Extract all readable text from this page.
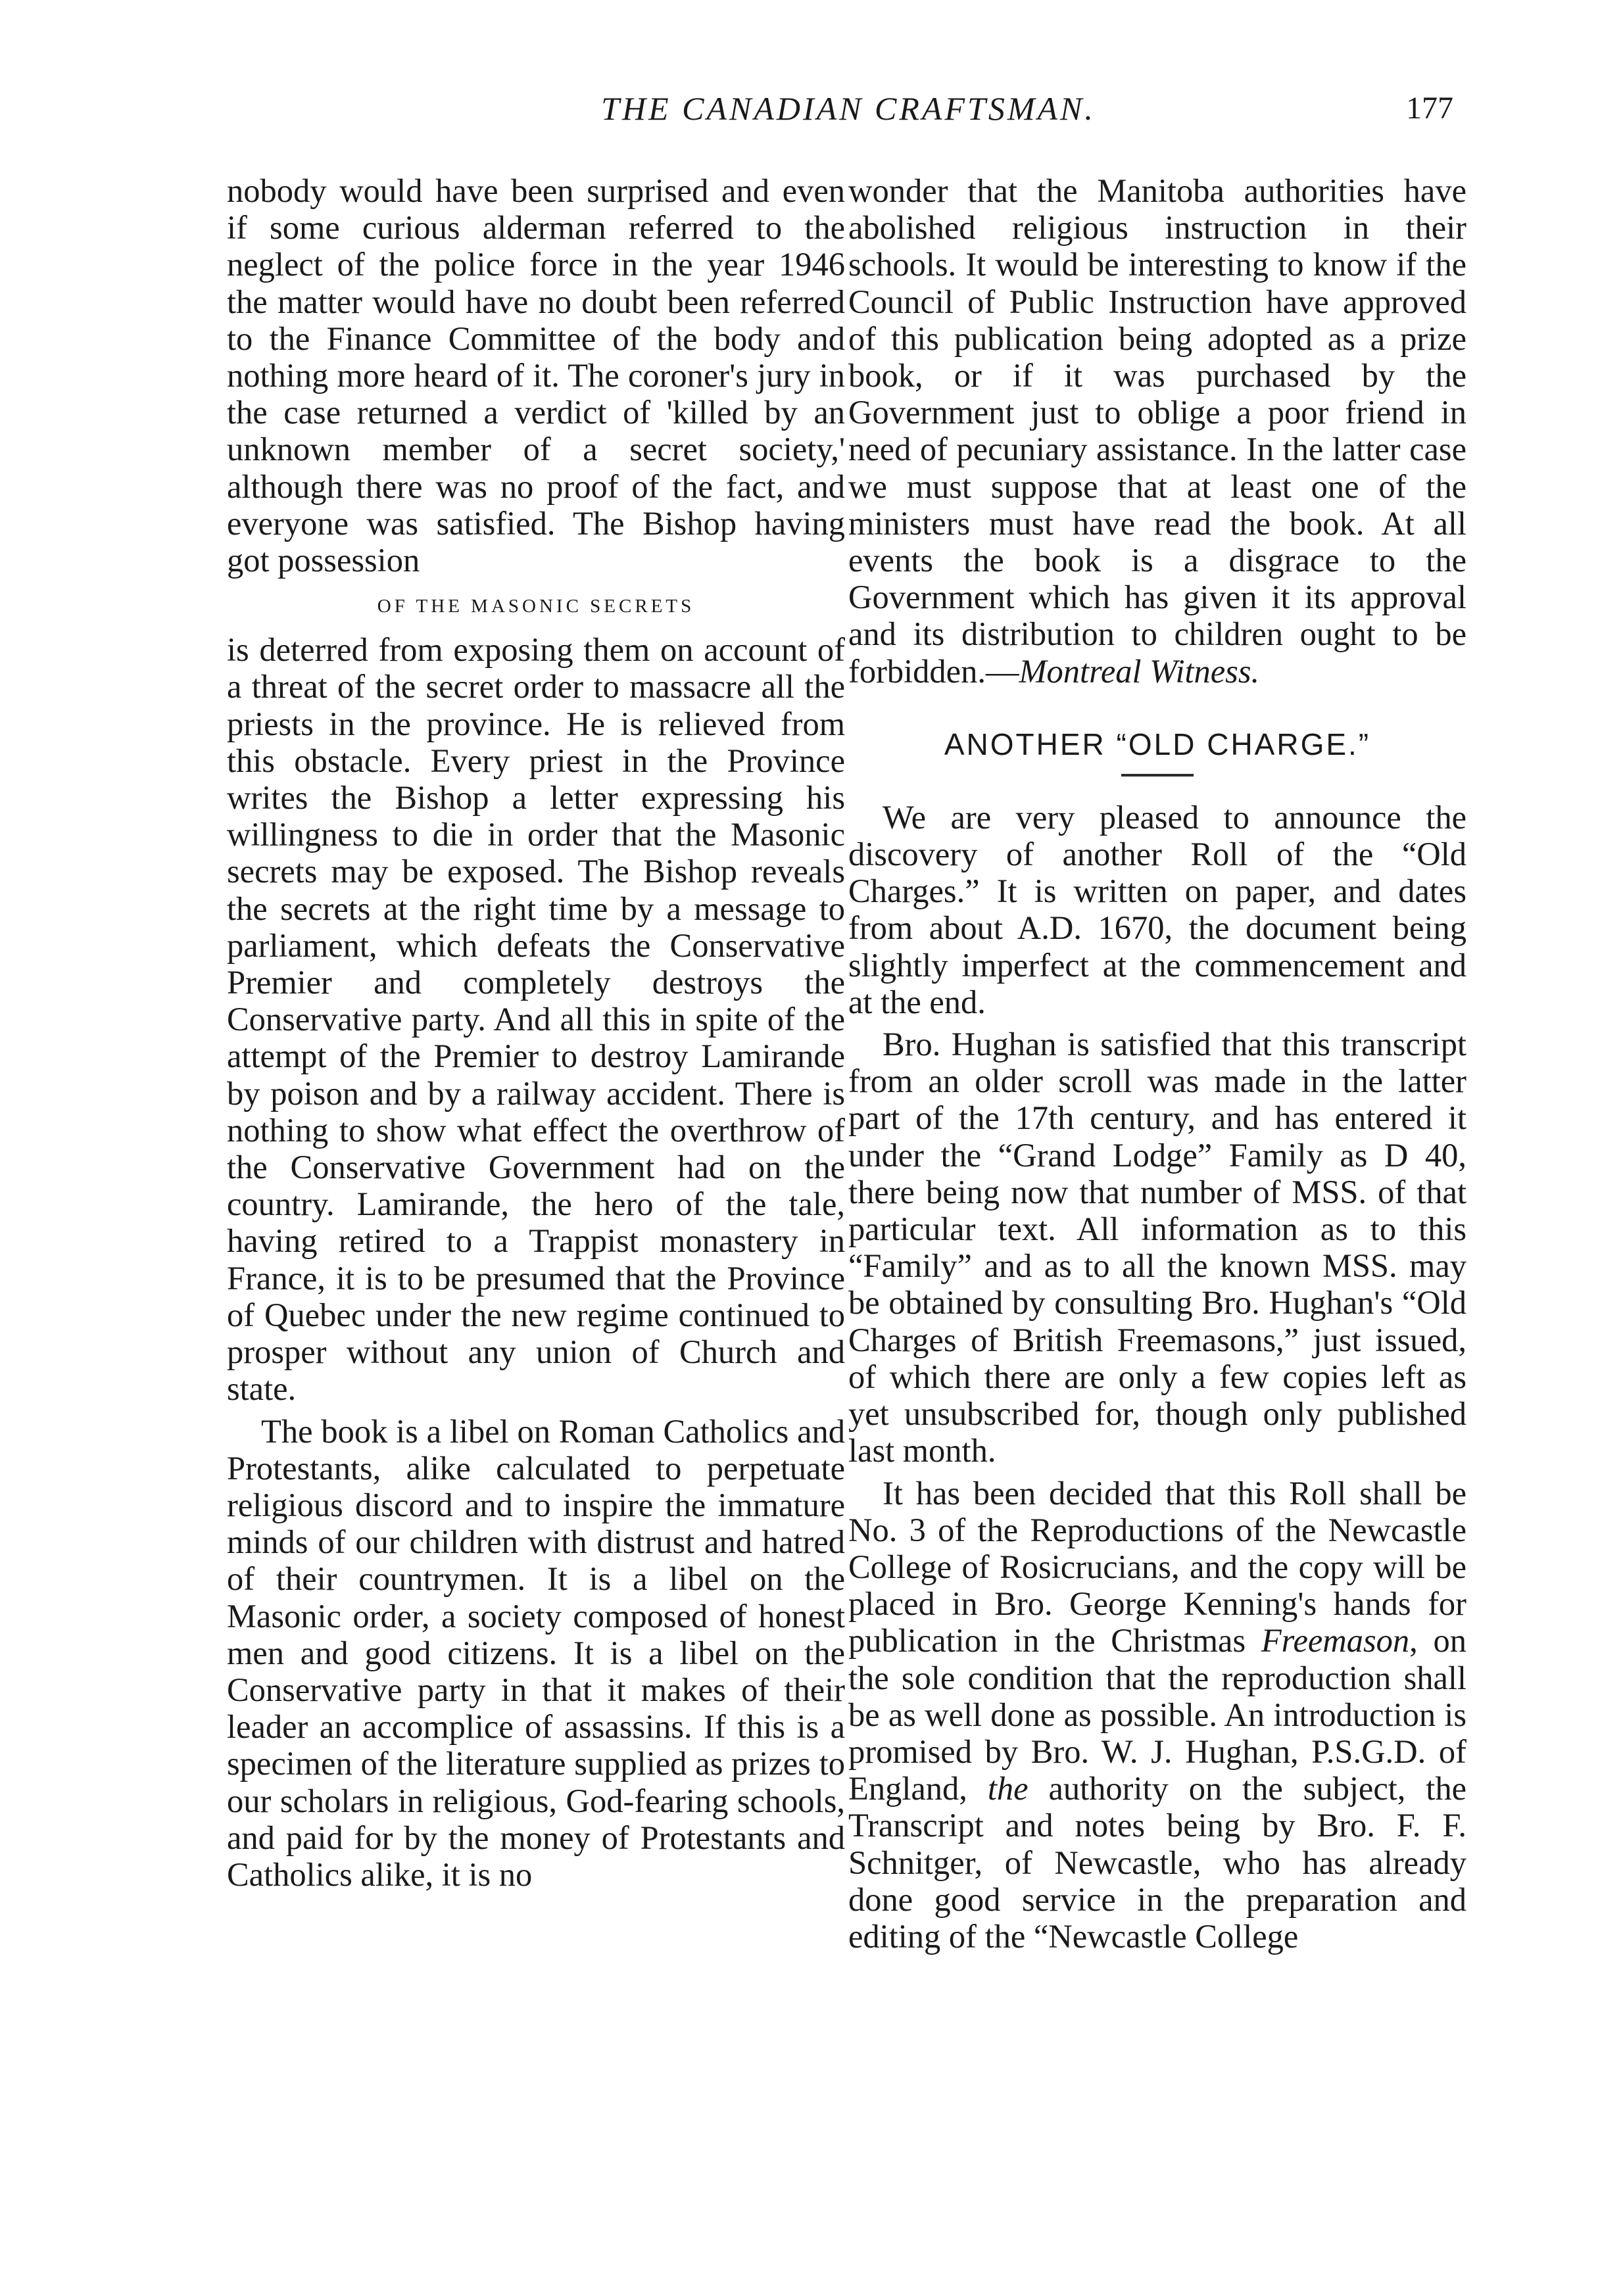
THE CANADIAN CRAFTSMAN.	177

nobody would have been surprised and even if some curious alderman referred to the neglect of the police force in the year 1946 the matter would have no doubt been referred to the Finance Committee of the body and nothing more heard of it. The coroner's jury in the case returned a verdict of 'killed by an unknown member of a secret society,' although there was no proof of the fact, and everyone was satisfied. The Bishop having got possession

OF THE MASONIC SECRETS

is deterred from exposing them on account of a threat of the secret order to massacre all the priests in the province. He is relieved from this obstacle. Every priest in the Province writes the Bishop a letter expressing his willingness to die in order that the Masonic secrets may be exposed. The Bishop reveals the secrets at the right time by a message to parliament, which defeats the Conservative Premier and completely destroys the Conservative party. And all this in spite of the attempt of the Premier to destroy Lamirande by poison and by a railway accident. There is nothing to show what effect the overthrow of the Conservative Government had on the country. Lamirande, the hero of the tale, having retired to a Trappist monastery in France, it is to be presumed that the Province of Quebec under the new regime continued to prosper without any union of Church and state.

The book is a libel on Roman Catholics and Protestants, alike calculated to perpetuate religious discord and to inspire the immature minds of our children with distrust and hatred of their countrymen. It is a libel on the Masonic order, a society composed of honest men and good citizens. It is a libel on the Conservative party in that it makes of their leader an accomplice of assassins. If this is a specimen of the literature supplied as prizes to our scholars in religious, God-fearing schools, and paid for by the money of Protestants and Catholics alike, it is no

wonder that the Manitoba authorities have abolished religious instruction in their schools. It would be interesting to know if the Council of Public Instruction have approved of this publication being adopted as a prize book, or if it was purchased by the Government just to oblige a poor friend in need of pecuniary assistance. In the latter case we must suppose that at least one of the ministers must have read the book. At all events the book is a disgrace to the Government which has given it its approval and its distribution to children ought to be forbidden.—Montreal Witness.

ANOTHER “OLD CHARGE.”

We are very pleased to announce the discovery of another Roll of the “Old Charges.” It is written on paper, and dates from about A.D. 1670, the document being slightly imperfect at the commencement and at the end.

Bro. Hughan is satisfied that this transcript from an older scroll was made in the latter part of the 17th century, and has entered it under the “Grand Lodge” Family as D 40, there being now that number of MSS. of that particular text. All information as to this “Family” and as to all the known MSS. may be obtained by consulting Bro. Hughan's “Old Charges of British Freemasons,” just issued, of which there are only a few copies left as yet unsubscribed for, though only published last month.

It has been decided that this Roll shall be No. 3 of the Reproductions of the Newcastle College of Rosicrucians, and the copy will be placed in Bro. George Kenning's hands for publication in the Christmas Freemason, on the sole condition that the reproduction shall be as well done as possible. An introduction is promised by Bro. W. J. Hughan, P.S.G.D. of England, the authority on the subject, the Transcript and notes being by Bro. F. F. Schnitger, of Newcastle, who has already done good service in the preparation and editing of the “Newcastle College
